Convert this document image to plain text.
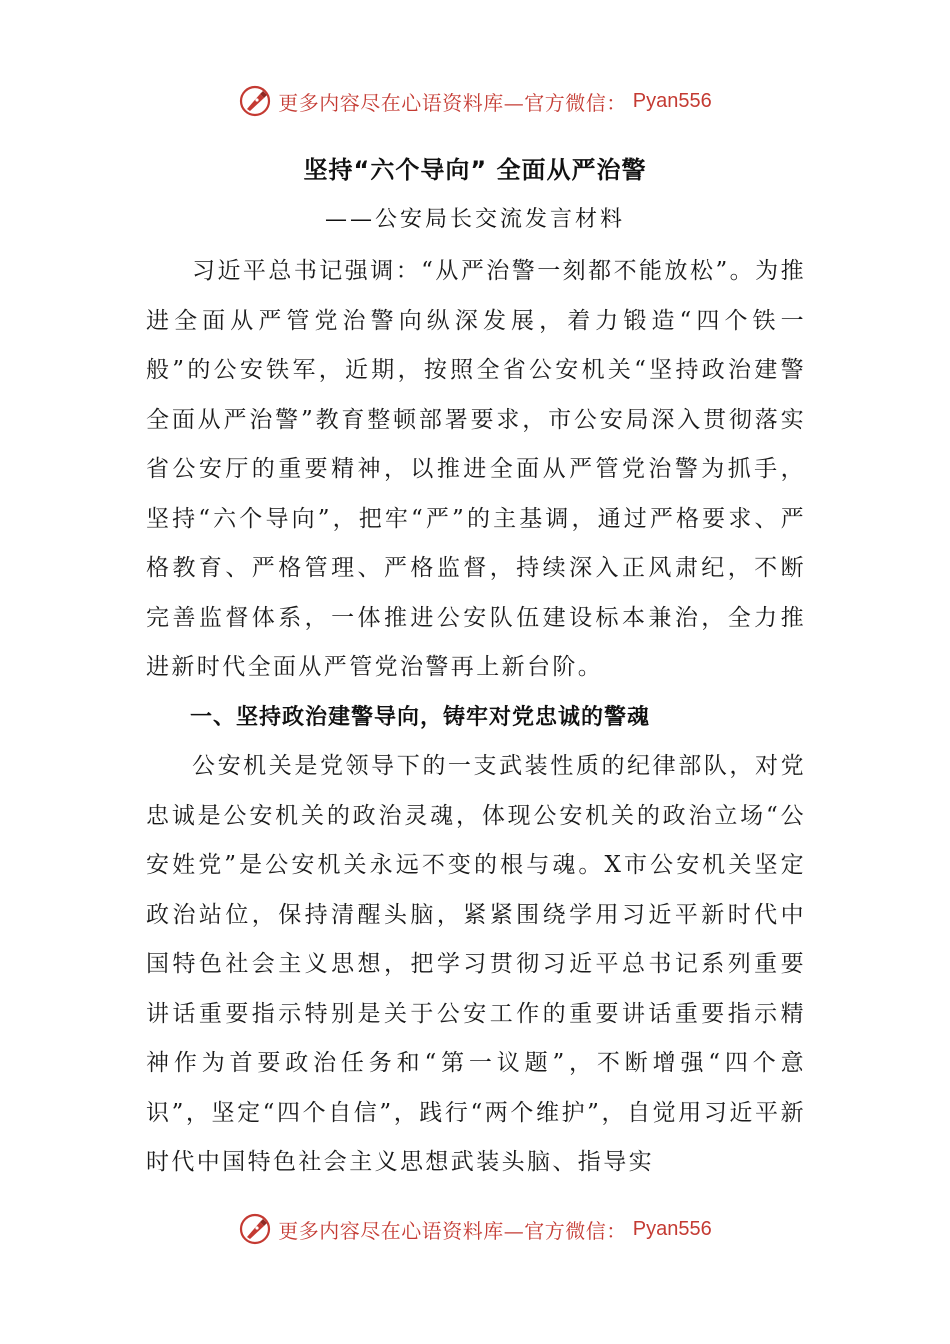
更多内容尽在心语资料库—官方微信： Pyan556
坚持“六个导向” 全面从严治警
——公安局长交流发言材料

习近平总书记强调：“从严治警一刻都不能放松”。为推进全面从严管党治警向纵深发展，着力锻造“四个铁一般”的公安铁军，近期，按照全省公安机关“坚持政治建警全面从严治警”教育整顿部署要求，市公安局深入贯彻落实省公安厅的重要精神，以推进全面从严管党治警为抓手，坚持“六个导向”，把牢“严”的主基调，通过严格要求、严格教育、严格管理、严格监督，持续深入正风肃纪，不断完善监督体系，一体推进公安队伍建设标本兼治，全力推进新时代全面从严管党治警再上新台阶。

一、坚持政治建警导向，铸牢对党忠诚的警魂

公安机关是党领导下的一支武装性质的纪律部队，对党忠诚是公安机关的政治灵魂，体现公安机关的政治立场“公安姓党”是公安机关永远不变的根与魂。X市公安机关坚定政治站位，保持清醒头脑，紧紧围绕学用习近平新时代中国特色社会主义思想，把学习贯彻习近平总书记系列重要讲话重要指示特别是关于公安工作的重要讲话重要指示精神作为首要政治任务和“第一议题”，不断增强“四个意识”，坚定“四个自信”，践行“两个维护”，自觉用习近平新时代中国特色社会主义思想武装头脑、指导实

更多内容尽在心语资料库—官方微信： Pyan556
